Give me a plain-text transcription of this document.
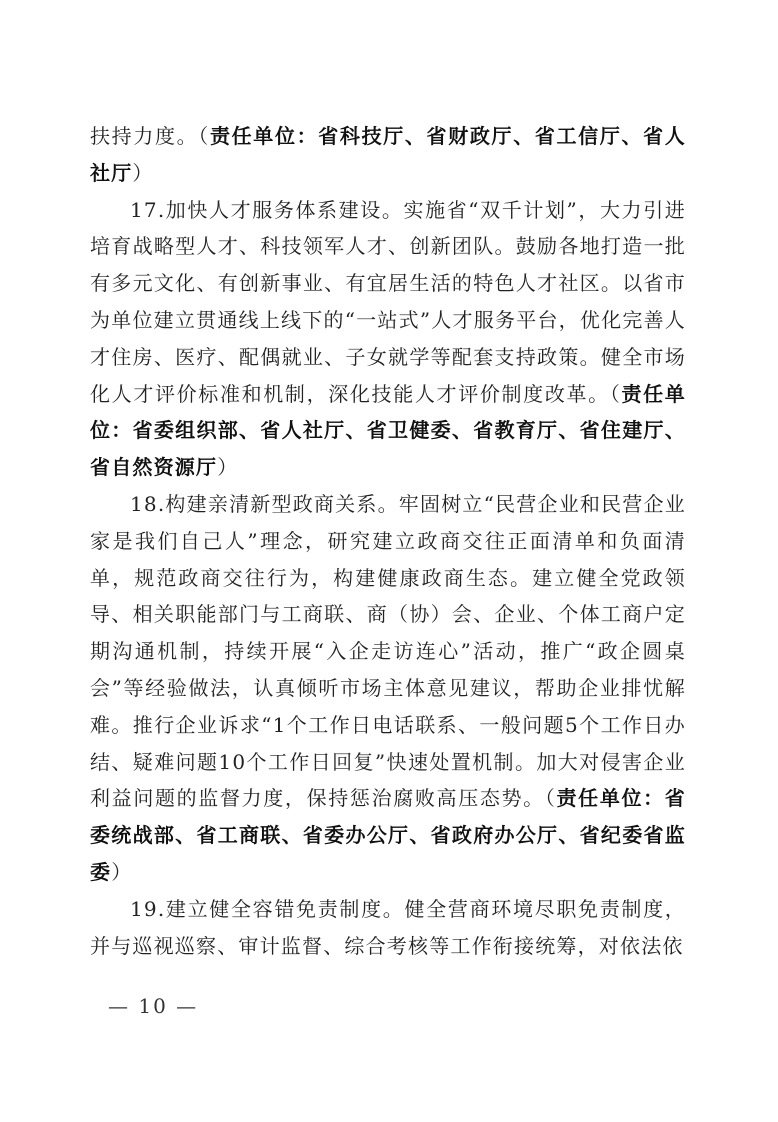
扶持力度。（责任单位：省科技厅、省财政厅、省工信厅、省人社厅）

17.加快人才服务体系建设。实施省“双千计划”，大力引进培育战略型人才、科技领军人才、创新团队。鼓励各地打造一批有多元文化、有创新事业、有宜居生活的特色人才社区。以省市为单位建立贯通线上线下的“一站式”人才服务平台，优化完善人才住房、医疗、配偶就业、子女就学等配套支持政策。健全市场化人才评价标准和机制，深化技能人才评价制度改革。（责任单位：省委组织部、省人社厅、省卫健委、省教育厅、省住建厅、省自然资源厅）

18.构建亲清新型政商关系。牢固树立“民营企业和民营企业家是我们自己人”理念，研究建立政商交往正面清单和负面清单，规范政商交往行为，构建健康政商生态。建立健全党政领导、相关职能部门与工商联、商（协）会、企业、个体工商户定期沟通机制，持续开展“入企走访连心”活动，推广“政企圆桌会”等经验做法，认真倾听市场主体意见建议，帮助企业排忧解难。推行企业诉求“1个工作日电话联系、一般问题5个工作日办结、疑难问题10个工作日回复”快速处置机制。加大对侵害企业利益问题的监督力度，保持惩治腐败高压态势。（责任单位：省委统战部、省工商联、省委办公厅、省政府办公厅、省纪委省监委）

19.建立健全容错免责制度。健全营商环境尽职免责制度，并与巡视巡察、审计监督、综合考核等工作衔接统筹，对依法依

— 10 —
